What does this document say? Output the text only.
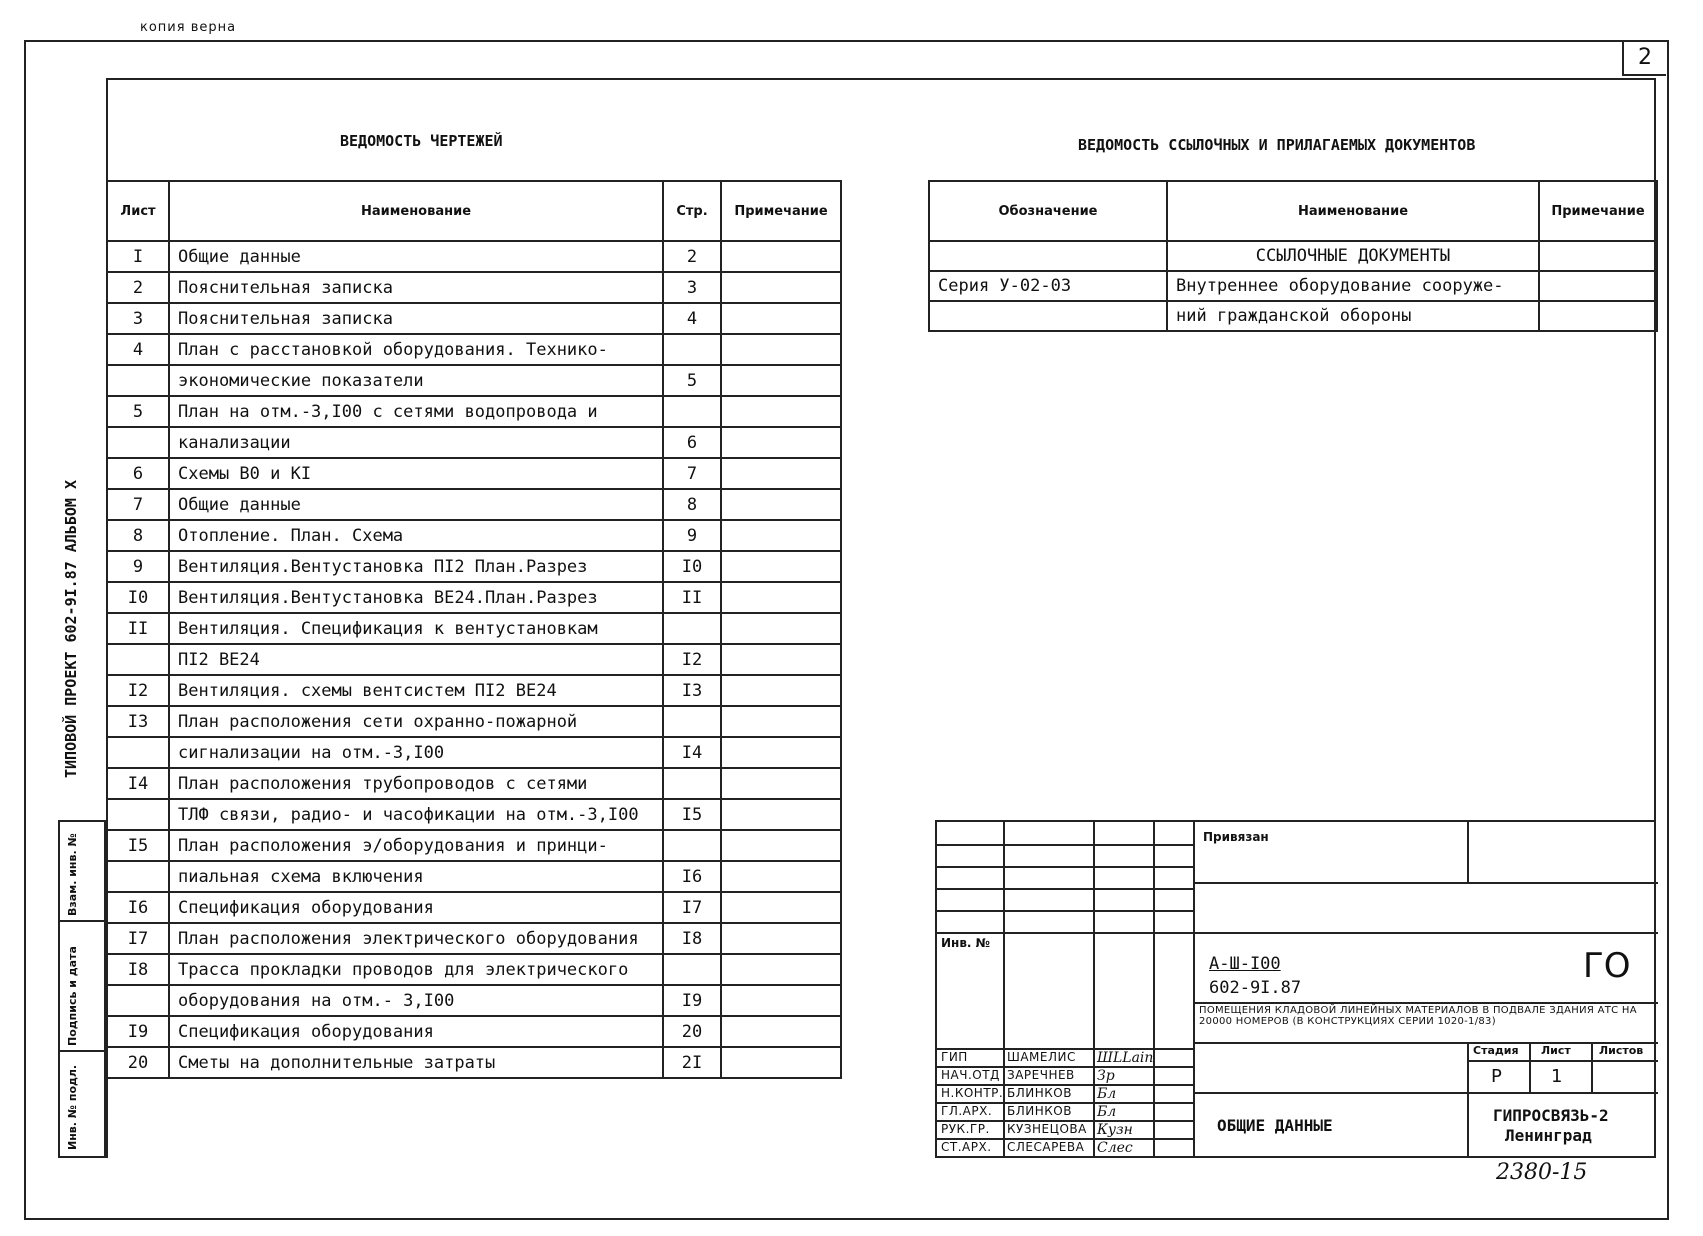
копия верна
2
ТИПОВОЙ ПРОЕКТ 602-9I.87 АЛЬБОМ X
ВЕДОМОСТЬ ЧЕРТЕЖЕЙ	ВЕДОМОСТЬ ССЫЛОЧНЫХ И ПРИЛАГАЕМЫХ ДОКУМЕНТОВ
Лист	Наименование	Стр.	Примечание
I	Общие данные	2	
2	Пояснительная записка	3	
3	Пояснительная записка	4	
4	План с расстановкой оборудования. Технико-		
	экономические показатели	5	
5	План на отм.-3,I00 с сетями водопровода и		
	канализации	6	
6	Схемы В0 и КI	7	
7	Общие данные	8	
8	Отопление. План. Схема	9	
9	Вентиляция.Вентустановка ПI2 План.Разрез	I0	
I0	Вентиляция.Вентустановка ВЕ24.План.Разрез	II	
II	Вентиляция. Спецификация к вентустановкам		
	ПI2 ВЕ24	I2	
I2	Вентиляция. схемы вентсистем ПI2 ВЕ24	I3	
I3	План расположения сети охранно-пожарной		
	сигнализации на отм.-3,I00	I4	
I4	План расположения трубопроводов с сетями		
	ТЛФ связи, радио- и часофикации на отм.-3,I00	I5	
I5	План расположения э/оборудования и принци-		
	пиальная схема включения	I6	
I6	Спецификация оборудования	I7	
I7	План расположения электрического оборудования	I8	
I8	Трасса прокладки проводов для электрического		
	оборудования на отм.- 3,I00	I9	
I9	Спецификация оборудования	20	
20	Сметы на дополнительные затраты	2I	
Обозначение	Наименование	Примечание
	ССЫЛОЧНЫЕ ДОКУМЕНТЫ	
Серия У-02-03	Внутреннее оборудование сооруже-	
	ний гражданской обороны	
Взам. инв. №
Подпись и дата
Инв. № подл.
Привязан
Инв. №
А-Ш-I00
602-9I.87
ГО
ПОМЕЩЕНИЯ КЛАДОВОЙ ЛИНЕЙНЫХ МАТЕРИАЛОВ В ПОДВАЛЕ ЗДАНИЯ АТС НА 20000 НОМЕРОВ (В КОНСТРУКЦИЯХ СЕРИИ 1020-1/83)
Стадия Лист	Листов
Р	1
ОБЩИЕ ДАННЫЕ
ГИПРОСВЯЗЬ-2
Ленинград
ГИП	ШАМЕЛИС ШLLain
НАЧ.ОТД ЗАРЕЧНЕВ Зр
Н.КОНТР. БЛИНКОВ Бл
ГЛ.АРХ. БЛИНКОВ Бл
РУК.ГР. КУЗНЕЦОВА Кузн
СТ.АРХ. СЛЕСАРЕВА Слес
2380-15
